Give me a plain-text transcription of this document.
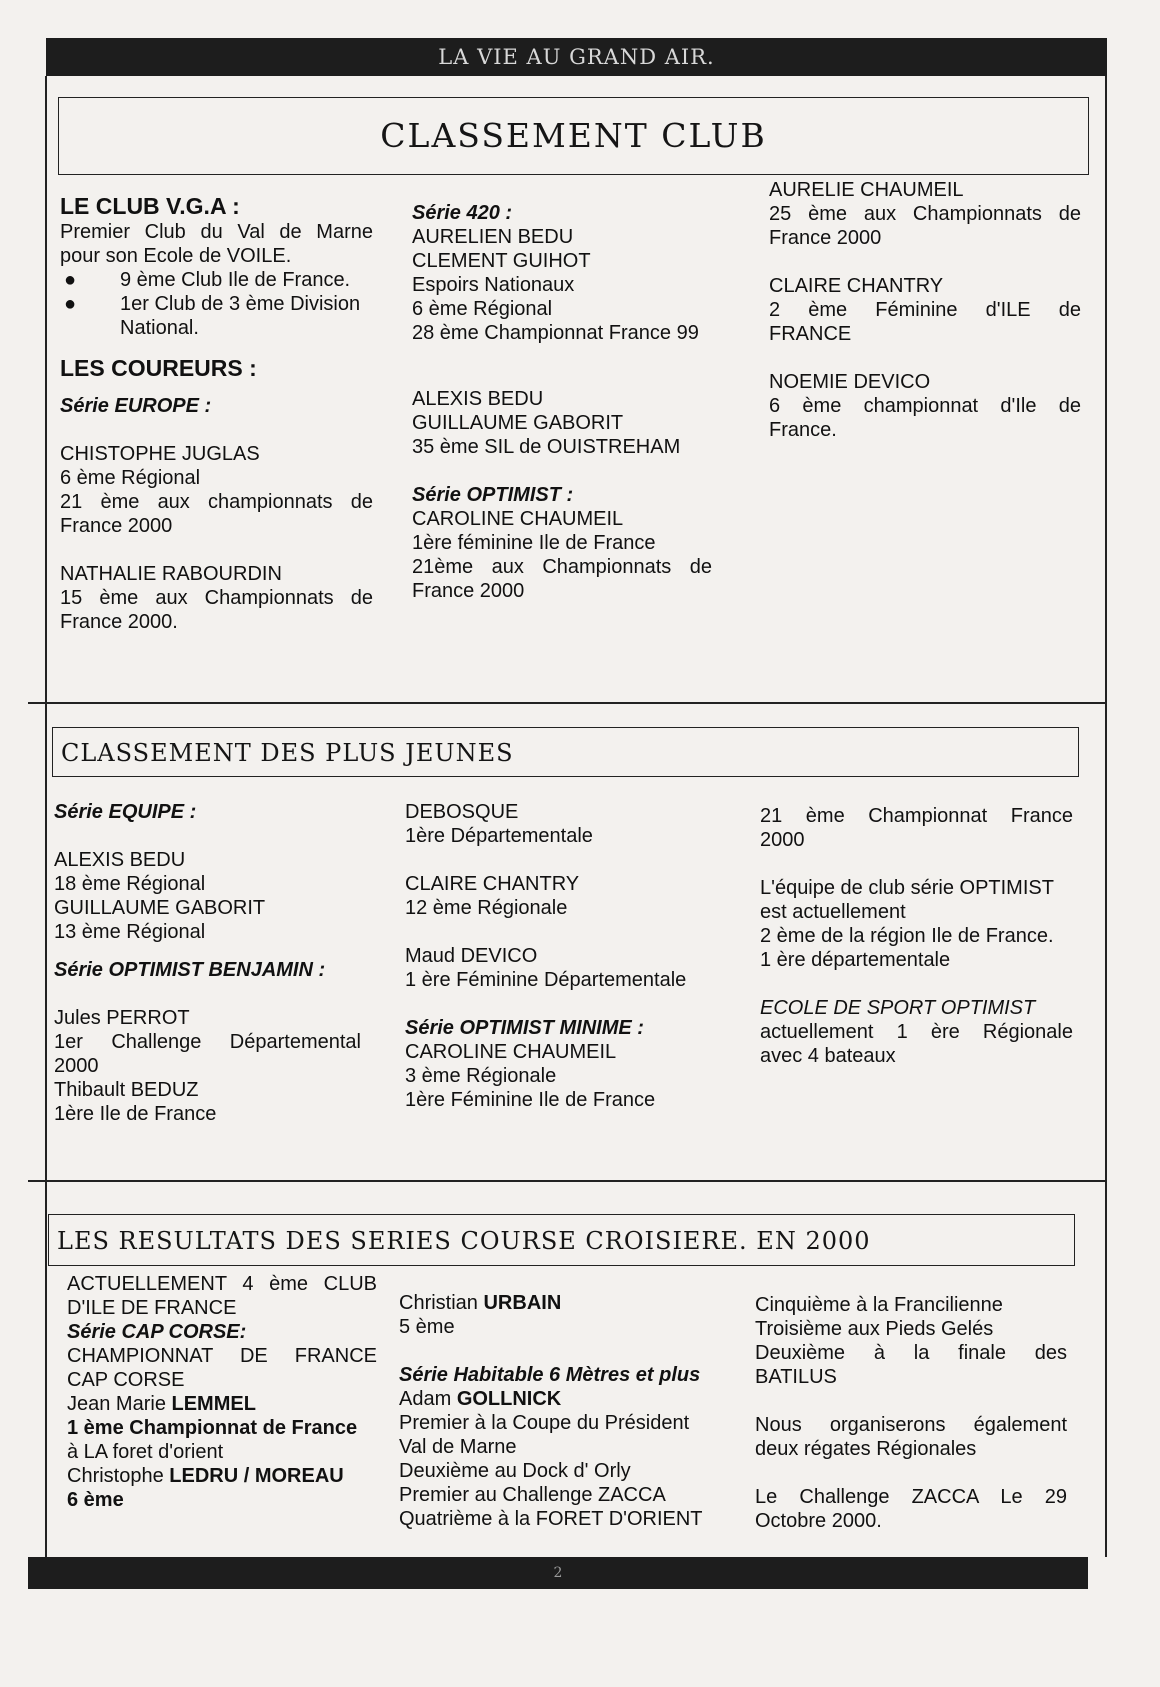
LA VIE AU GRAND AIR.
2
CLASSEMENT CLUB

LE CLUB V.G.A :

Premier Club du Val de Marne

pour son Ecole de VOILE.

● 9 ème Club Ile de France.
● 1er Club de 3 ème Division
National.

LES COUREURS :

Série EUROPE :

CHISTOPHE JUGLAS

6 ème Régional

21 ème aux championnats de

France 2000

NATHALIE RABOURDIN

15 ème aux Championnats de

France 2000.

Série 420 :

AURELIEN BEDU

CLEMENT GUIHOT

Espoirs Nationaux

6 ème Régional

28 ème Championnat France 99

ALEXIS BEDU

GUILLAUME GABORIT

35 ème SIL de OUISTREHAM

Série OPTIMIST :

CAROLINE CHAUMEIL

1ère féminine Ile de France

21ème aux Championnats de

France 2000

AURELIE CHAUMEIL

25 ème aux Championnats de

France 2000

CLAIRE CHANTRY

2 ème Féminine d'ILE de

FRANCE

NOEMIE DEVICO

6 ème championnat d'Ile de

France.

CLASSEMENT DES PLUS JEUNES

Série EQUIPE :

ALEXIS BEDU

18 ème Régional

GUILLAUME GABORIT

13 ème Régional

Série OPTIMIST BENJAMIN :

Jules PERROT

1er Challenge Départemental

2000

Thibault BEDUZ

1ère Ile de France

DEBOSQUE

1ère Départementale

CLAIRE CHANTRY

12 ème Régionale

Maud DEVICO

1 ère Féminine Départementale

Série OPTIMIST MINIME :

CAROLINE CHAUMEIL

3 ème Régionale

1ère Féminine Ile de France

21 ème Championnat France

2000

L'équipe de club série OPTIMIST

est actuellement

2 ème de la région Ile de France.

1 ère départementale

ECOLE DE SPORT OPTIMIST

actuellement 1 ère Régionale

avec 4 bateaux

LES RESULTATS DES SERIES COURSE CROISIERE. EN 2000

ACTUELLEMENT 4 ème CLUB

D'ILE DE FRANCE

Série CAP CORSE:

CHAMPIONNAT DE FRANCE

CAP CORSE

Jean Marie LEMMEL

1 ème Championnat de France

à LA foret d'orient

Christophe LEDRU / MOREAU

6 ème

Christian URBAIN

5 ème

Série Habitable 6 Mètres et plus

Adam GOLLNICK

Premier à la Coupe du Président

Val de Marne

Deuxième au Dock d' Orly

Premier au Challenge ZACCA

Quatrième à la FORET D'ORIENT

Cinquième à la Francilienne

Troisième aux Pieds Gelés

Deuxième à la finale des

BATILUS

Nous organiserons également

deux régates Régionales

Le Challenge ZACCA Le 29

Octobre 2000.
